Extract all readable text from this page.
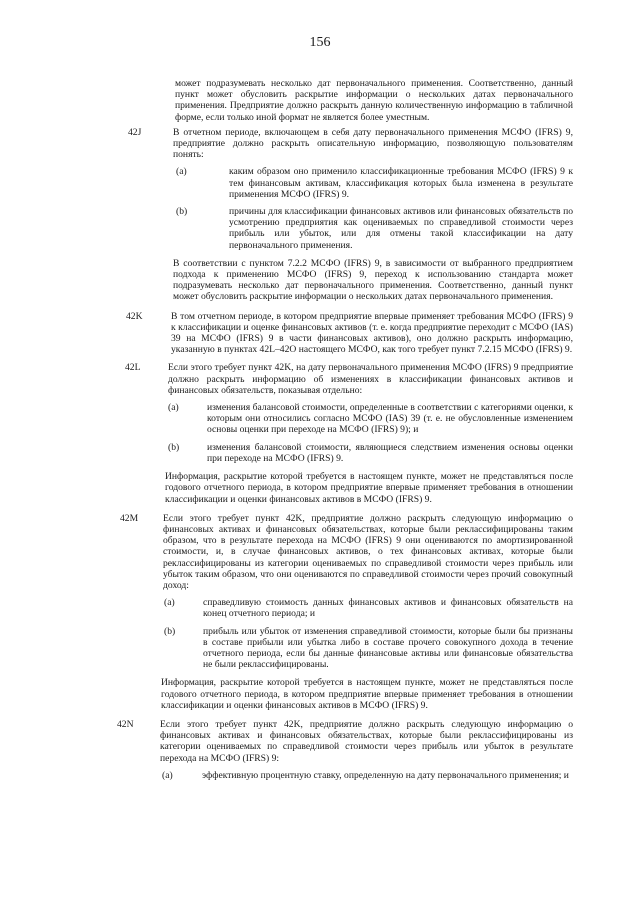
156

может подразумевать несколько дат первоначального применения. Соответственно, данный пункт может обусловить раскрытие информации о нескольких датах первоначального применения. Предприятие должно раскрыть данную количественную информацию в табличной форме, если только иной формат не является более уместным.

42J	В отчетном периоде, включающем в себя дату первоначального применения МСФО (IFRS) 9, предприятие должно раскрыть описательную информацию, позволяющую пользователям понять:

(a)	каким образом оно применило классификационные требования МСФО (IFRS) 9 к тем финансовым активам, классификация которых была изменена в результате применения МСФО (IFRS) 9.

(b)	причины для классификации финансовых активов или финансовых обязательств по усмотрению предприятия как оцениваемых по справедливой стоимости через прибыль или убыток, или для отмены такой классификации на дату первоначального применения.

В соответствии с пунктом 7.2.2 МСФО (IFRS) 9, в зависимости от выбранного предприятием подхода к применению МСФО (IFRS) 9, переход к использованию стандарта может подразумевать несколько дат первоначального применения. Соответственно, данный пункт может обусловить раскрытие информации о нескольких датах первоначального применения.

42K	В том отчетном периоде, в котором предприятие впервые применяет требования МСФО (IFRS) 9 к классификации и оценке финансовых активов (т. е. когда предприятие переходит с МСФО (IAS) 39 на МСФО (IFRS) 9 в части финансовых активов), оно должно раскрыть информацию, указанную в пунктах 42L–42O настоящего МСФО, как того требует пункт 7.2.15 МСФО (IFRS) 9.

42L	Если этого требует пункт 42K, на дату первоначального применения МСФО (IFRS) 9 предприятие должно раскрыть информацию об изменениях в классификации финансовых активов и финансовых обязательств, показывая отдельно:

(a)	изменения балансовой стоимости, определенные в соответствии с категориями оценки, к которым они относились согласно МСФО (IAS) 39 (т. е. не обусловленные изменением основы оценки при переходе на МСФО (IFRS) 9); и

(b)	изменения балансовой стоимости, являющиеся следствием изменения основы оценки при переходе на МСФО (IFRS) 9.

Информация, раскрытие которой требуется в настоящем пункте, может не представляться после годового отчетного периода, в котором предприятие впервые применяет требования в отношении классификации и оценки финансовых активов в МСФО (IFRS) 9.

42M	Если этого требует пункт 42K, предприятие должно раскрыть следующую информацию о финансовых активах и финансовых обязательствах, которые были реклассифицированы таким образом, что в результате перехода на МСФО (IFRS) 9 они оцениваются по амортизированной стоимости, и, в случае финансовых активов, о тех финансовых активах, которые были реклассифицированы из категории оцениваемых по справедливой стоимости через прибыль или убыток таким образом, что они оцениваются по справедливой стоимости через прочий совокупный доход:

(a)	справедливую стоимость данных финансовых активов и финансовых обязательств на конец отчетного периода; и

(b)	прибыль или убыток от изменения справедливой стоимости, которые были бы признаны в составе прибыли или убытка либо в составе прочего совокупного дохода в течение отчетного периода, если бы данные финансовые активы или финансовые обязательства не были реклассифицированы.

Информация, раскрытие которой требуется в настоящем пункте, может не представляться после годового отчетного периода, в котором предприятие впервые применяет требования в отношении классификации и оценки финансовых активов в МСФО (IFRS) 9.

42N	Если этого требует пункт 42K, предприятие должно раскрыть следующую информацию о финансовых активах и финансовых обязательствах, которые были реклассифицированы из категории оцениваемых по справедливой стоимости через прибыль или убыток в результате перехода на МСФО (IFRS) 9:

(a)	эффективную процентную ставку, определенную на дату первоначального применения; и
